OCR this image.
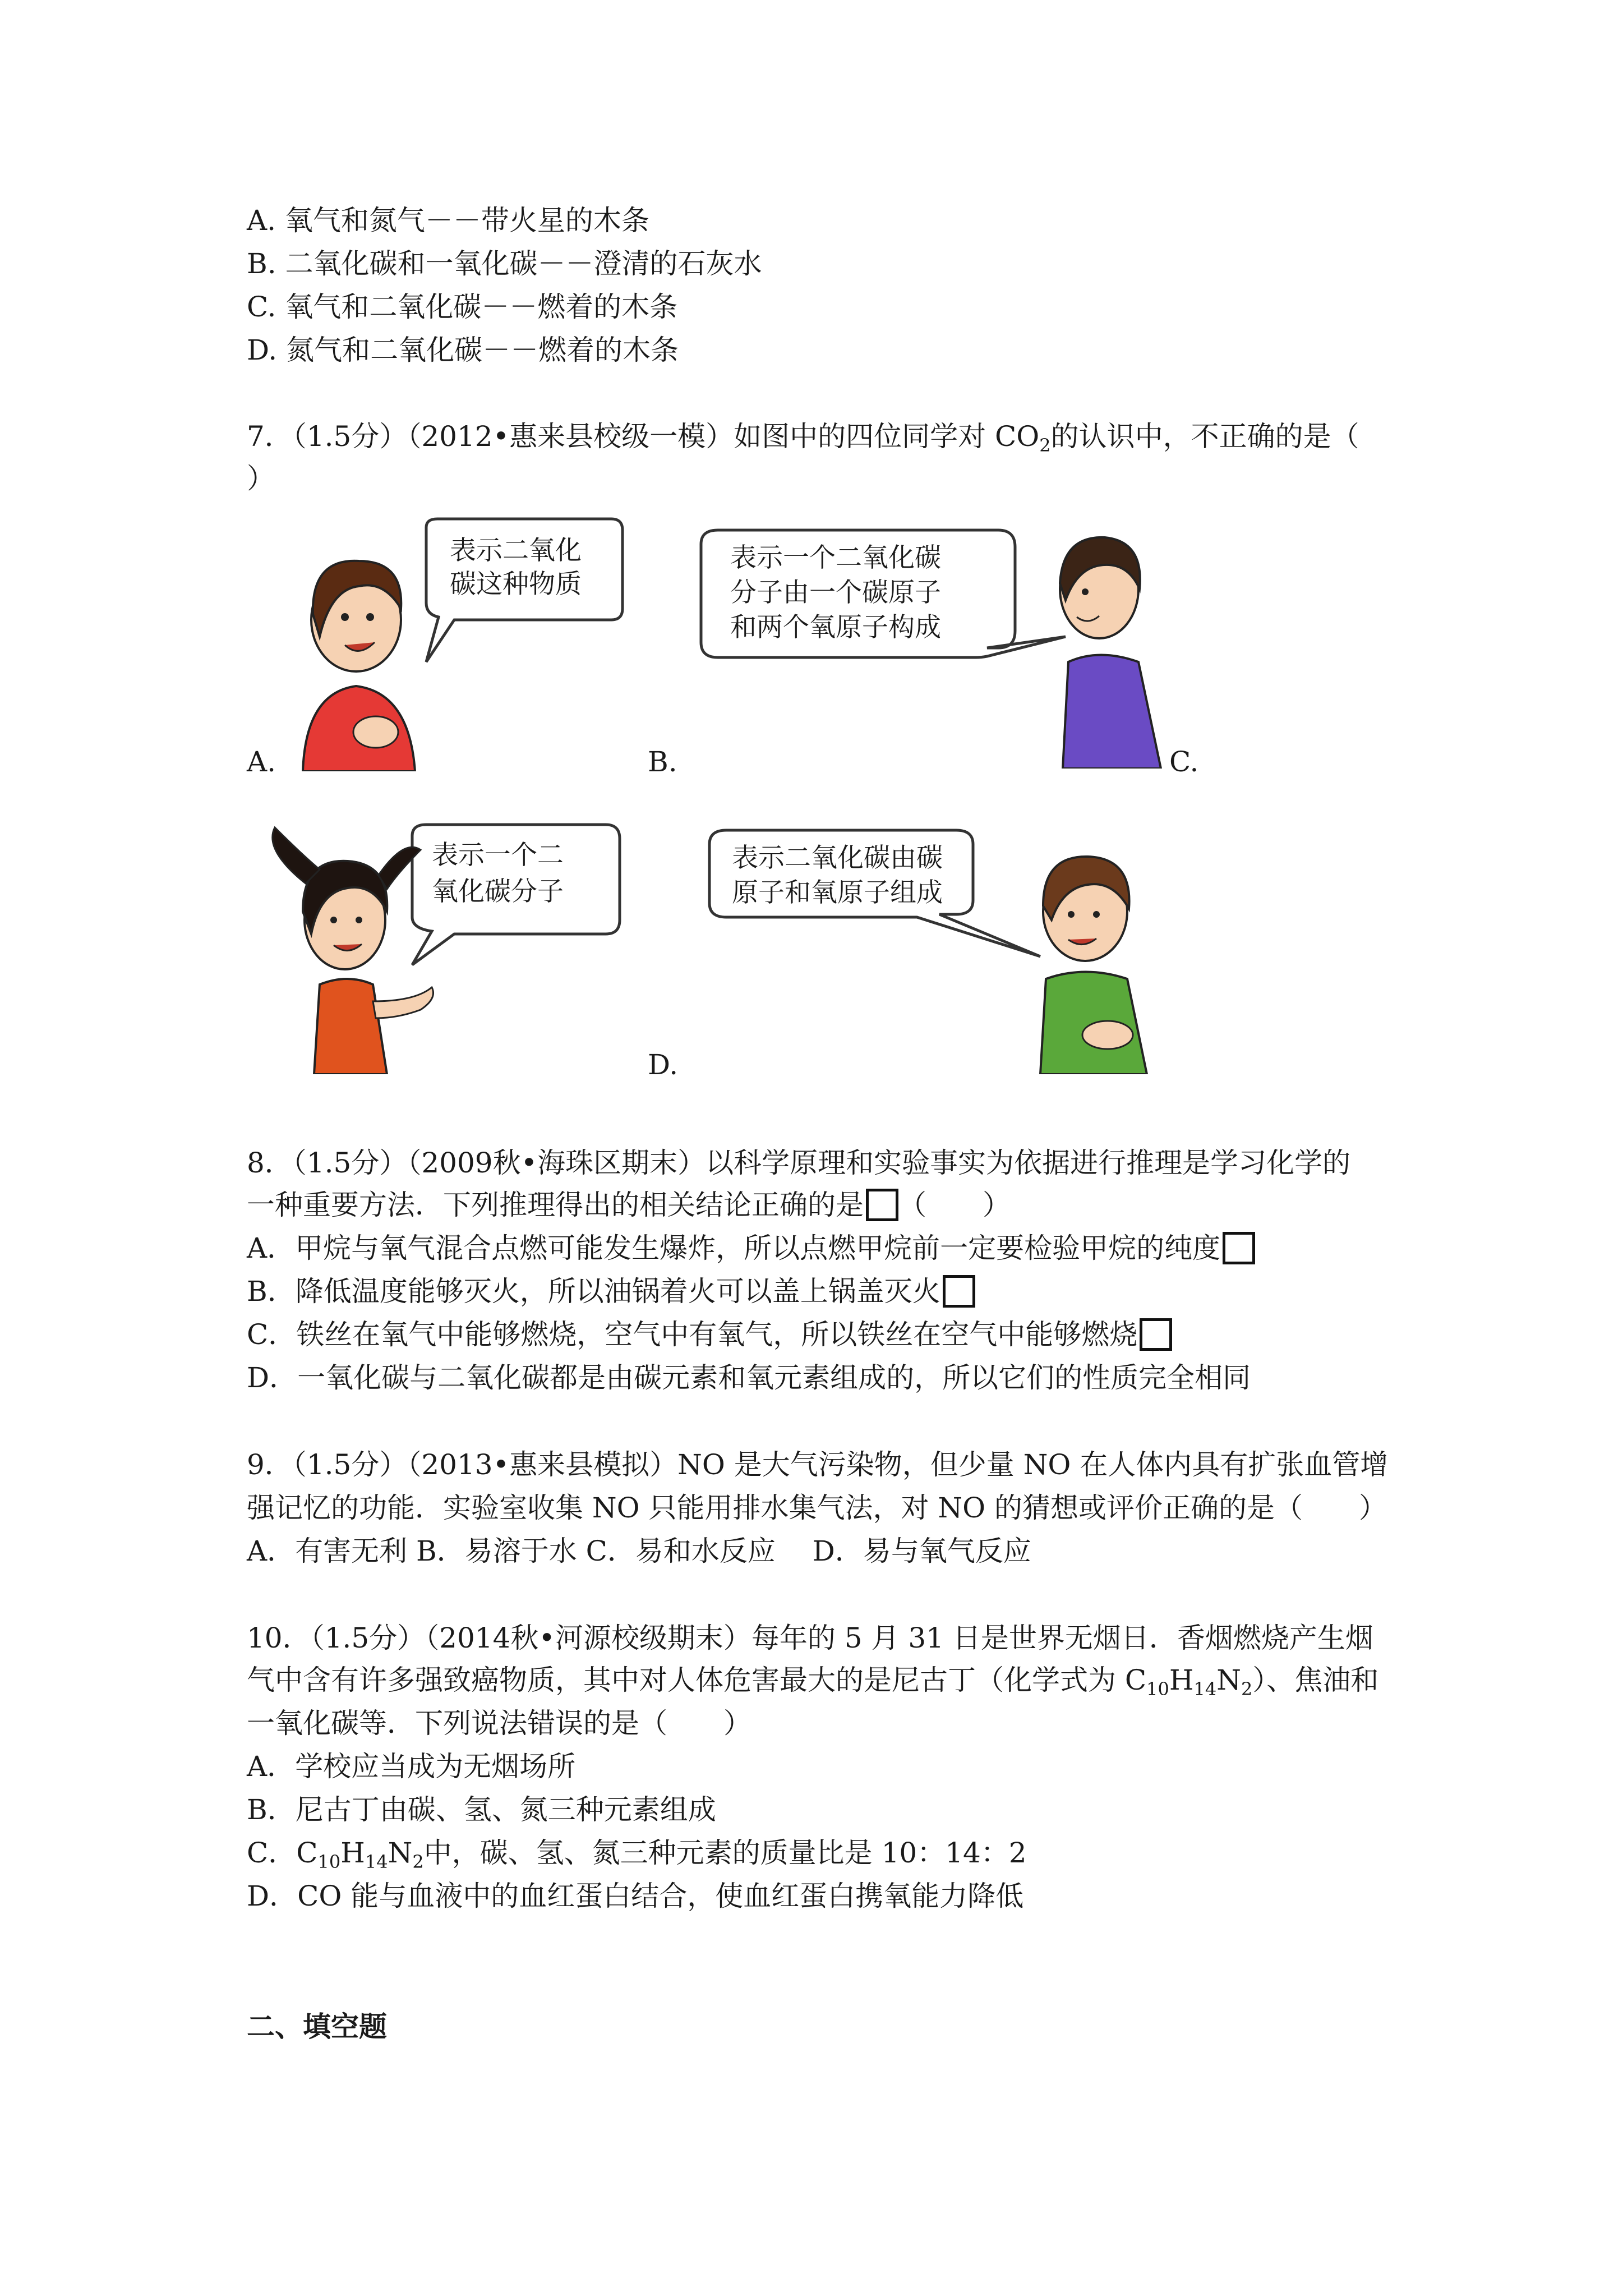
A. 氧气和氮气－－带火星的木条
B. 二氧化碳和一氧化碳－－澄清的石灰水
C. 氧气和二氧化碳－－燃着的木条
D. 氮气和二氧化碳－－燃着的木条
7．（1.5分）（2012•惠来县校级一模）如图中的四位同学对 $CO_2$的认识中，不正确的是（
）
表示二氧化
碳这种物质
A.
表示一个二氧化碳
分子由一个碳原子
和两个氧原子构成
B.	C.
表示一个二
氧化碳分子
表示二氧化碳由碳
原子和氧原子组成
D.
8．（1.5分）（2009秋•海珠区期末）以科学原理和实验事实为依据进行推理是学习化学的
一种重要方法．下列推理得出的相关结论正确的是 （　　）
A．甲烷与氧气混合点燃可能发生爆炸，所以点燃甲烷前一定要检验甲烷的纯度
B．降低温度能够灭火，所以油锅着火可以盖上锅盖灭火
C．铁丝在氧气中能够燃烧，空气中有氧气，所以铁丝在空气中能够燃烧
D．一氧化碳与二氧化碳都是由碳元素和氧元素组成的，所以它们的性质完全相同
9．（1.5分）（2013•惠来县模拟）NO 是大气污染物，但少量 NO 在人体内具有扩张血管增
强记忆的功能．实验室收集 NO 只能用排水集气法，对 NO 的猜想或评价正确的是（　　）
A．有害无利 B．易溶于水 C．易和水反应　 D．易与氧气反应
10．（1.5分）（2014秋•河源校级期末）每年的 5 月 31 日是世界无烟日．香烟燃烧产生烟
气中含有许多强致癌物质，其中对人体危害最大的是尼古丁（化学式为 $C_{10}H_{14}N_2$）、焦油和
一氧化碳等．下列说法错误的是（　　）
A．学校应当成为无烟场所
B．尼古丁由碳、氢、氮三种元素组成
C．$C_{10}H_{14}N_2$中，碳、氢、氮三种元素的质量比是 10：14：2
D．CO 能与血液中的血红蛋白结合，使血红蛋白携氧能力降低
二、填空题
